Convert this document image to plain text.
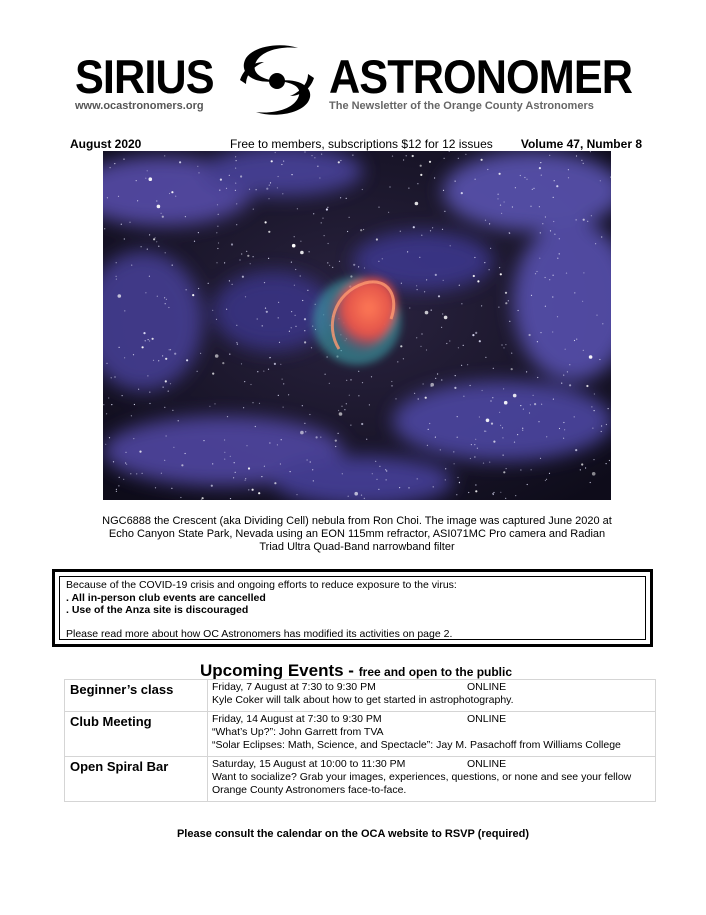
SIRIUS
www.ocastronomers.org
ASTRONOMER
The Newsletter of the Orange County Astronomers
August 2020	Free to members, subscriptions $12 for 12 issues Volume 47, Number 8
NGC6888 the Crescent (aka Dividing Cell) nebula from Ron Choi. The image was captured June 2020 at
Echo Canyon State Park, Nevada using an EON 115mm refractor, ASI071MC Pro camera and Radian
Triad Ultra Quad-Band narrowband filter
Because of the COVID-19 crisis and ongoing efforts to reduce exposure to the virus:
. All in-person club events are cancelled
. Use of the Anza site is discouraged
Please read more about how OC Astronomers has modified its activities on page 2.
Upcoming Events - free and open to the public
Beginner’s class	Friday, 7 August at 7:30 to 9:30 PM ONLINE
Kyle Coker will talk about how to get started in astrophotography.

Club Meeting	Friday, 14 August at 7:30 to 9:30 PM ONLINE
“What’s Up?”: John Garrett from TVA
“Solar Eclipses: Math, Science, and Spectacle”: Jay M. Pasachoff from Williams College

Open Spiral Bar	Saturday, 15 August at 10:00 to 11:30 PM ONLINE
Want to socialize? Grab your images, experiences, questions, or none and see your fellow
Orange County Astronomers face-to-face.
Please consult the calendar on the OCA website to RSVP (required)
